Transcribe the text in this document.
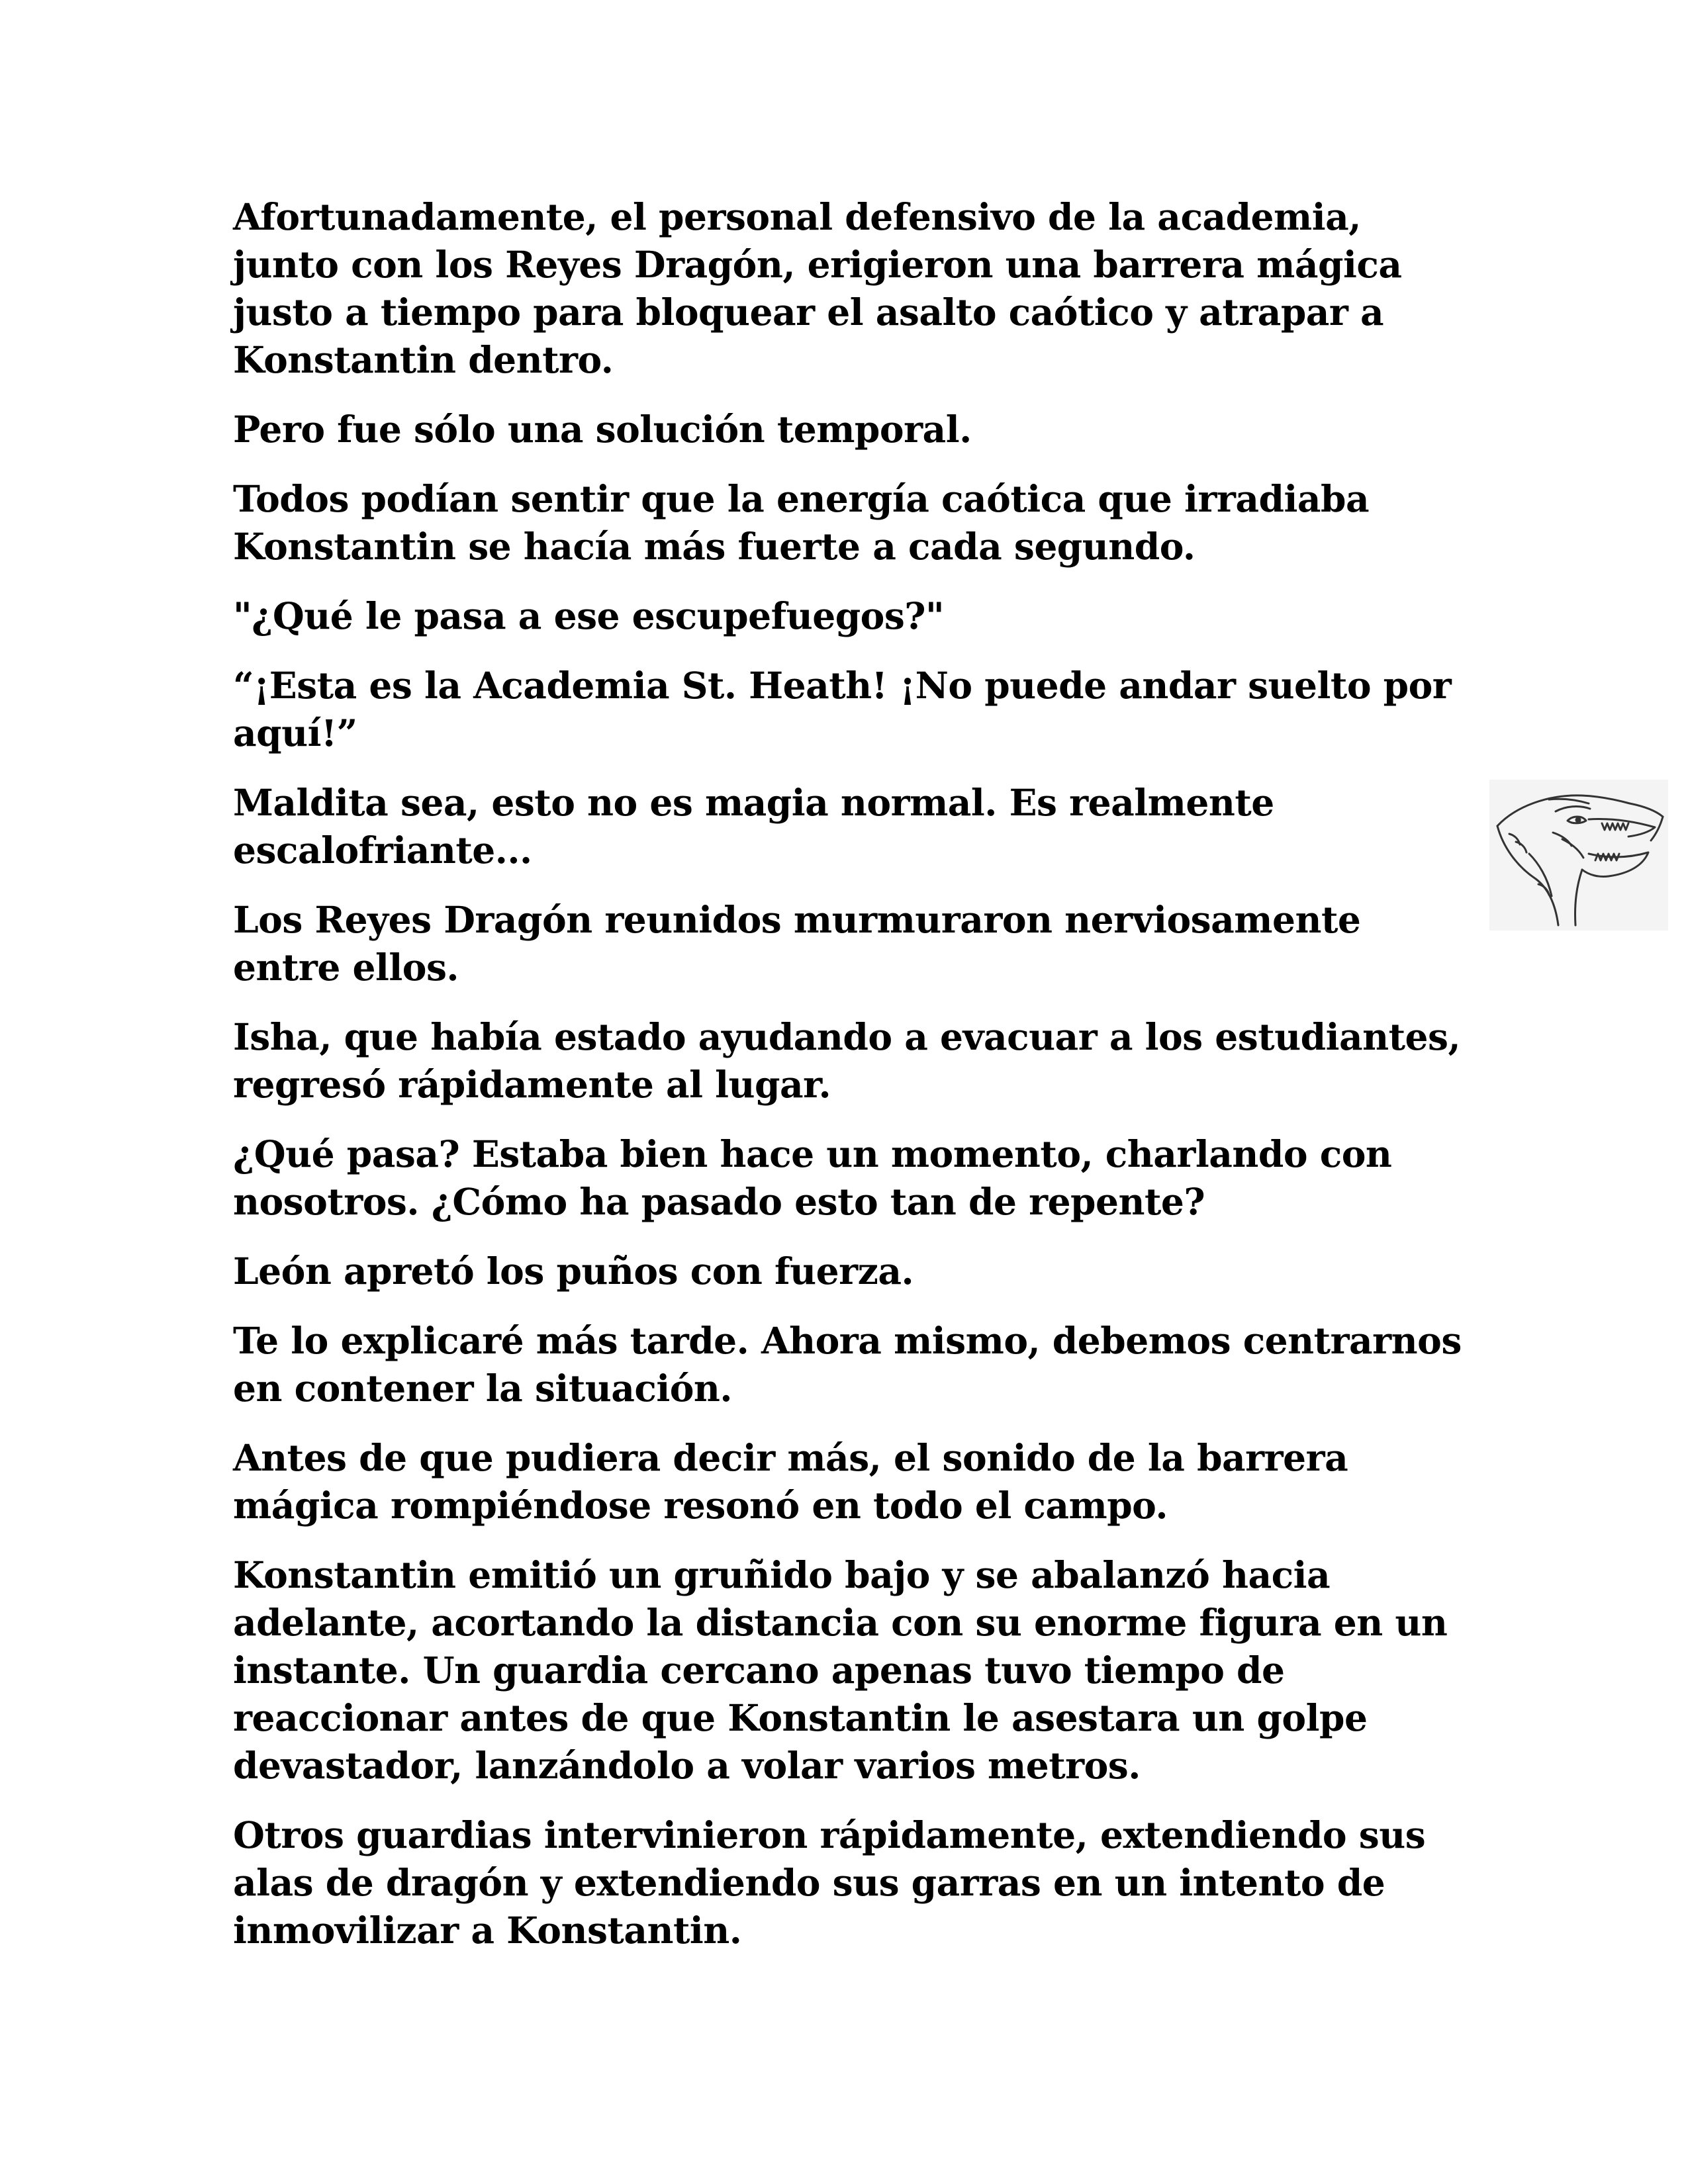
Afortunadamente, el personal defensivo de la academia, junto con los Reyes Dragón, erigieron una barrera mágica justo a tiempo para bloquear el asalto caótico y atrapar a Konstantin dentro.

Pero fue sólo una solución temporal.

Todos podían sentir que la energía caótica que irradiaba Konstantin se hacía más fuerte a cada segundo.

"¿Qué le pasa a ese escupefuegos?"

“¡Esta es la Academia St. Heath! ¡No puede andar suelto por aquí!”

Maldita sea, esto no es magia normal. Es realmente escalofriante...

Los Reyes Dragón reunidos murmuraron nerviosamente entre ellos.

Isha, que había estado ayudando a evacuar a los estudiantes, regresó rápidamente al lugar.

¿Qué pasa? Estaba bien hace un momento, charlando con nosotros. ¿Cómo ha pasado esto tan de repente?

León apretó los puños con fuerza.

Te lo explicaré más tarde. Ahora mismo, debemos centrarnos en contener la situación.

Antes de que pudiera decir más, el sonido de la barrera mágica rompiéndose resonó en todo el campo.

Konstantin emitió un gruñido bajo y se abalanzó hacia adelante, acortando la distancia con su enorme figura en un instante. Un guardia cercano apenas tuvo tiempo de reaccionar antes de que Konstantin le asestara un golpe devastador, lanzándolo a volar varios metros.

Otros guardias intervinieron rápidamente, extendiendo sus alas de dragón y extendiendo sus garras en un intento de inmovilizar a Konstantin.
